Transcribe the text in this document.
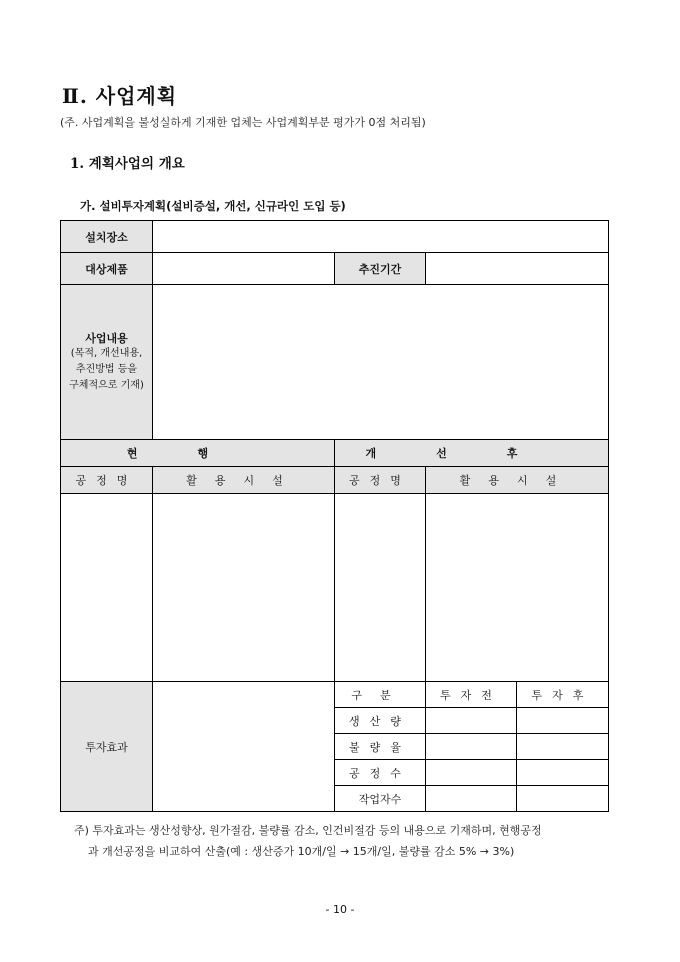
Ⅱ. 사업계획
(주. 사업계획을 불성실하게 기재한 업체는 사업계획부분 평가가 0점 처리됨)
1. 계획사업의 개요
가. 설비투자계획(설비증설, 개선, 신규라인 도입 등)
설치장소				
대상제품		추진기간		

사업내용
(목적, 개선내용,
추진방법 등을
구체적으로 기재)				

현행		개선후		
공정명	활용시설	공정명	활용시설	

투자효과		구분	투자전	투자후
		생산량		
		불량율		
		공정수		
		작업자수		
주) 투자효과는 생산성향상, 원가절감, 불량률 감소, 인건비절감 등의 내용으로 기재하며, 현행공정
과 개선공정을 비교하여 산출(예 : 생산증가 10개/일 → 15개/일, 불량률 감소 5% → 3%)
- 10 -
